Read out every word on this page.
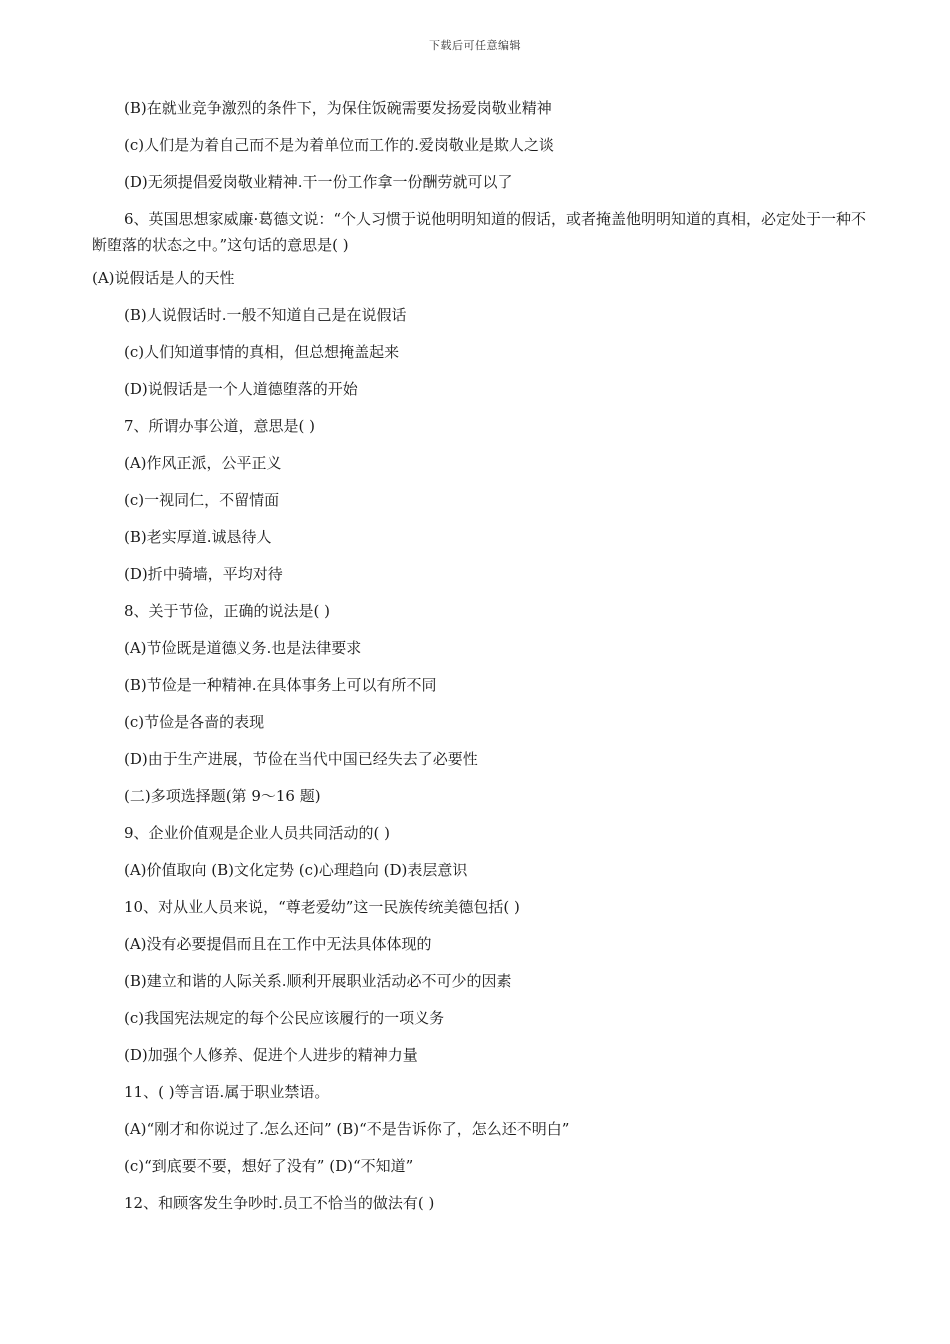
下载后可任意编辑
(B)在就业竞争激烈的条件下，为保住饭碗需要发扬爱岗敬业精神
(c)人们是为着自己而不是为着单位而工作的.爱岗敬业是欺人之谈
(D)无须提倡爱岗敬业精神.干一份工作拿一份酬劳就可以了
6、英国思想家威廉·葛德文说：“个人习惯于说他明明知道的假话，或者掩盖他明明知道的真相，必定处于一种不断堕落的状态之中。”这句话的意思是( )
(A)说假话是人的天性
(B)人说假话时.一般不知道自己是在说假话
(c)人们知道事情的真相，但总想掩盖起来
(D)说假话是一个人道德堕落的开始
7、所谓办事公道，意思是( )
(A)作风正派，公平正义
(c)一视同仁，不留情面
(B)老实厚道.诚恳待人
(D)折中骑墙，平均对待
8、关于节俭，正确的说法是( )
(A)节俭既是道德义务.也是法律要求
(B)节俭是一种精神.在具体事务上可以有所不同
(c)节俭是各啬的表现
(D)由于生产进展，节俭在当代中国已经失去了必要性
(二)多项选择题(第 9～16 题)
9、企业价值观是企业人员共同活动的( )
(A)价值取向 (B)文化定势 (c)心理趋向 (D)表层意识
10、对从业人员来说，“尊老爱幼”这一民族传统美德包括( )
(A)没有必要提倡而且在工作中无法具体体现的
(B)建立和谐的人际关系.顺利开展职业活动必不可少的因素
(c)我国宪法规定的每个公民应该履行的一项义务
(D)加强个人修养、促进个人进步的精神力量
11、( )等言语.属于职业禁语。
(A)“刚才和你说过了.怎么还问” (B)“不是告诉你了，怎么还不明白”
(c)“到底要不要，想好了没有” (D)“不知道”
12、和顾客发生争吵时.员工不恰当的做法有( )
